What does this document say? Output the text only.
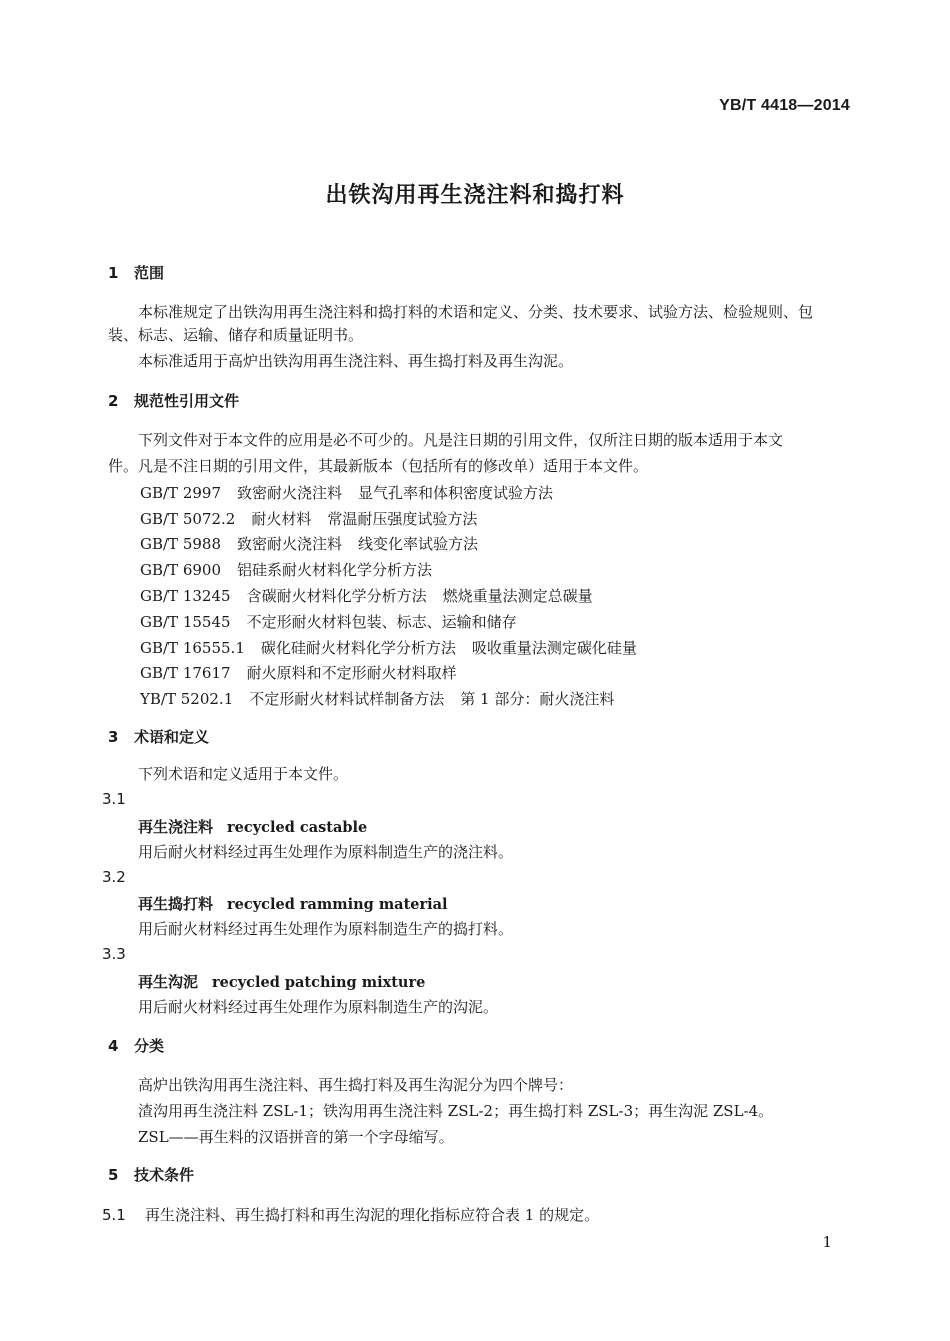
YB/T 4418—2014
出铁沟用再生浇注料和捣打料
1 范围
本标准规定了出铁沟用再生浇注料和捣打料的术语和定义、分类、技术要求、试验方法、检验规则、包
装、标志、运输、储存和质量证明书。
本标准适用于高炉出铁沟用再生浇注料、再生捣打料及再生沟泥。
2 规范性引用文件
下列文件对于本文件的应用是必不可少的。凡是注日期的引用文件，仅所注日期的版本适用于本文
件。凡是不注日期的引用文件，其最新版本（包括所有的修改单）适用于本文件。
GB/T 2997 致密耐火浇注料 显气孔率和体积密度试验方法
GB/T 5072.2 耐火材料 常温耐压强度试验方法
GB/T 5988 致密耐火浇注料 线变化率试验方法
GB/T 6900 铝硅系耐火材料化学分析方法
GB/T 13245 含碳耐火材料化学分析方法 燃烧重量法测定总碳量
GB/T 15545 不定形耐火材料包装、标志、运输和储存
GB/T 16555.1 碳化硅耐火材料化学分析方法 吸收重量法测定碳化硅量
GB/T 17617 耐火原料和不定形耐火材料取样
YB/T 5202.1 不定形耐火材料试样制备方法 第 1 部分：耐火浇注料
3 术语和定义
下列术语和定义适用于本文件。
3.1
再生浇注料 recycled castable
用后耐火材料经过再生处理作为原料制造生产的浇注料。
3.2
再生捣打料 recycled ramming material
用后耐火材料经过再生处理作为原料制造生产的捣打料。
3.3
再生沟泥 recycled patching mixture
用后耐火材料经过再生处理作为原料制造生产的沟泥。
4 分类
高炉出铁沟用再生浇注料、再生捣打料及再生沟泥分为四个牌号：
渣沟用再生浇注料 ZSL-1；铁沟用再生浇注料 ZSL-2；再生捣打料 ZSL-3；再生沟泥 ZSL-4。
ZSL——再生料的汉语拼音的第一个字母缩写。
5 技术条件
5.1 再生浇注料、再生捣打料和再生沟泥的理化指标应符合表 1 的规定。
1
